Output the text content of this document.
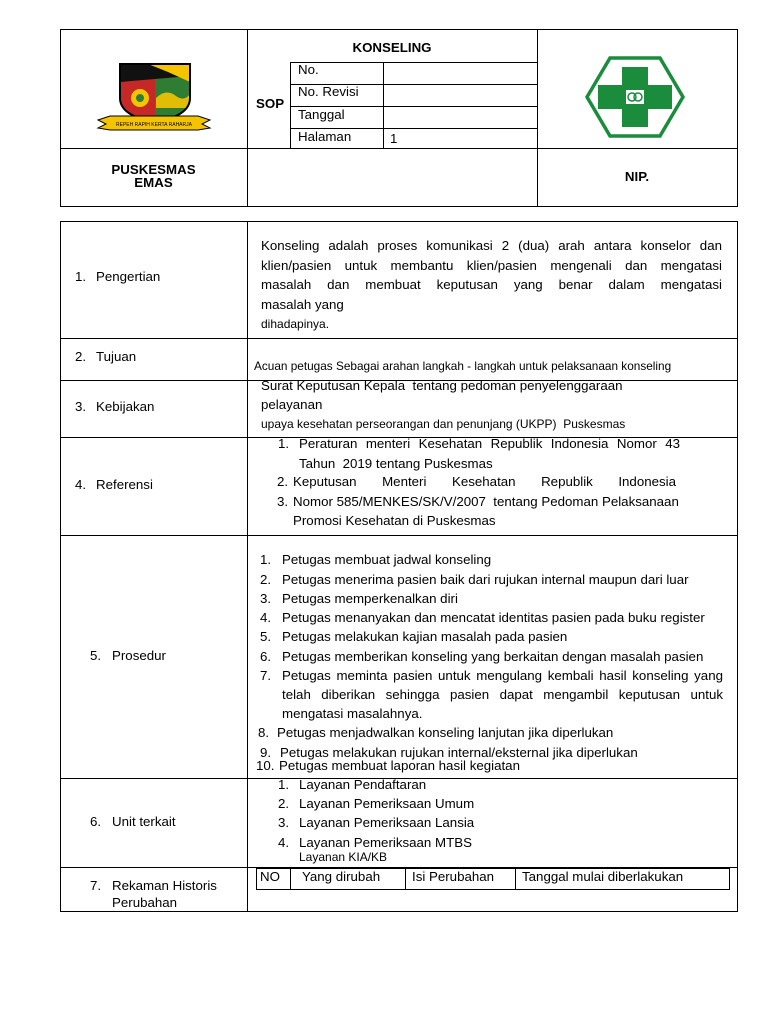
REPEH RAPIH KERTA RAHARJA
KONSELING
SOP
No.
No. Revisi
Tanggal
Halaman	1
PUSKESMAS
EMAS	NIP.
1. Pengertian
Konseling adalah proses komunikasi 2 (dua) arah antara konselor dan
klien/pasien untuk membantu klien/pasien mengenali dan mengatasi
masalah dan membuat keputusan yang benar dalam mengatasi
masalah yang
dihadapinya.
2. Tujuan
Acuan petugas Sebagai arahan langkah - langkah untuk pelaksanaan konseling
3. Kebijakan
Surat Keputusan Kepala  tentang pedoman penyelenggaraan
pelayanan
upaya kesehatan perseorangan dan penunjang (UKPP)  Puskesmas
4. Referensi
1. Peraturan menteri Kesehatan Republik Indonesia Nomor 43
Tahun  2019 tentang Puskesmas
2. Keputusan Menteri Kesehatan Republik Indonesia
3. Nomor 585/MENKES/SK/V/2007  tentang Pedoman Pelaksanaan
Promosi Kesehatan di Puskesmas
5. Prosedur
1. Petugas membuat jadwal konseling
2. Petugas menerima pasien baik dari rujukan internal maupun dari luar
3. Petugas memperkenalkan diri
4. Petugas menanyakan dan mencatat identitas pasien pada buku register
5. Petugas melakukan kajian masalah pada pasien
6. Petugas memberikan konseling yang berkaitan dengan masalah pasien
7. Petugas meminta pasien untuk mengulang kembali hasil konseling yang
telah diberikan sehingga pasien dapat mengambil keputusan untuk
mengatasi masalahnya.
8. Petugas menjadwalkan konseling lanjutan jika diperlukan
9. Petugas melakukan rujukan internal/eksternal jika diperlukan
10. Petugas membuat laporan hasil kegiatan
6. Unit terkait
1. Layanan Pendaftaran
2. Layanan Pemeriksaan Umum
3. Layanan Pemeriksaan Lansia
4. Layanan Pemeriksaan MTBS
Layanan KIA/KB
7. Rekaman Historis
Perubahan
NO Yang dirubah Isi Perubahan Tanggal mulai diberlakukan
